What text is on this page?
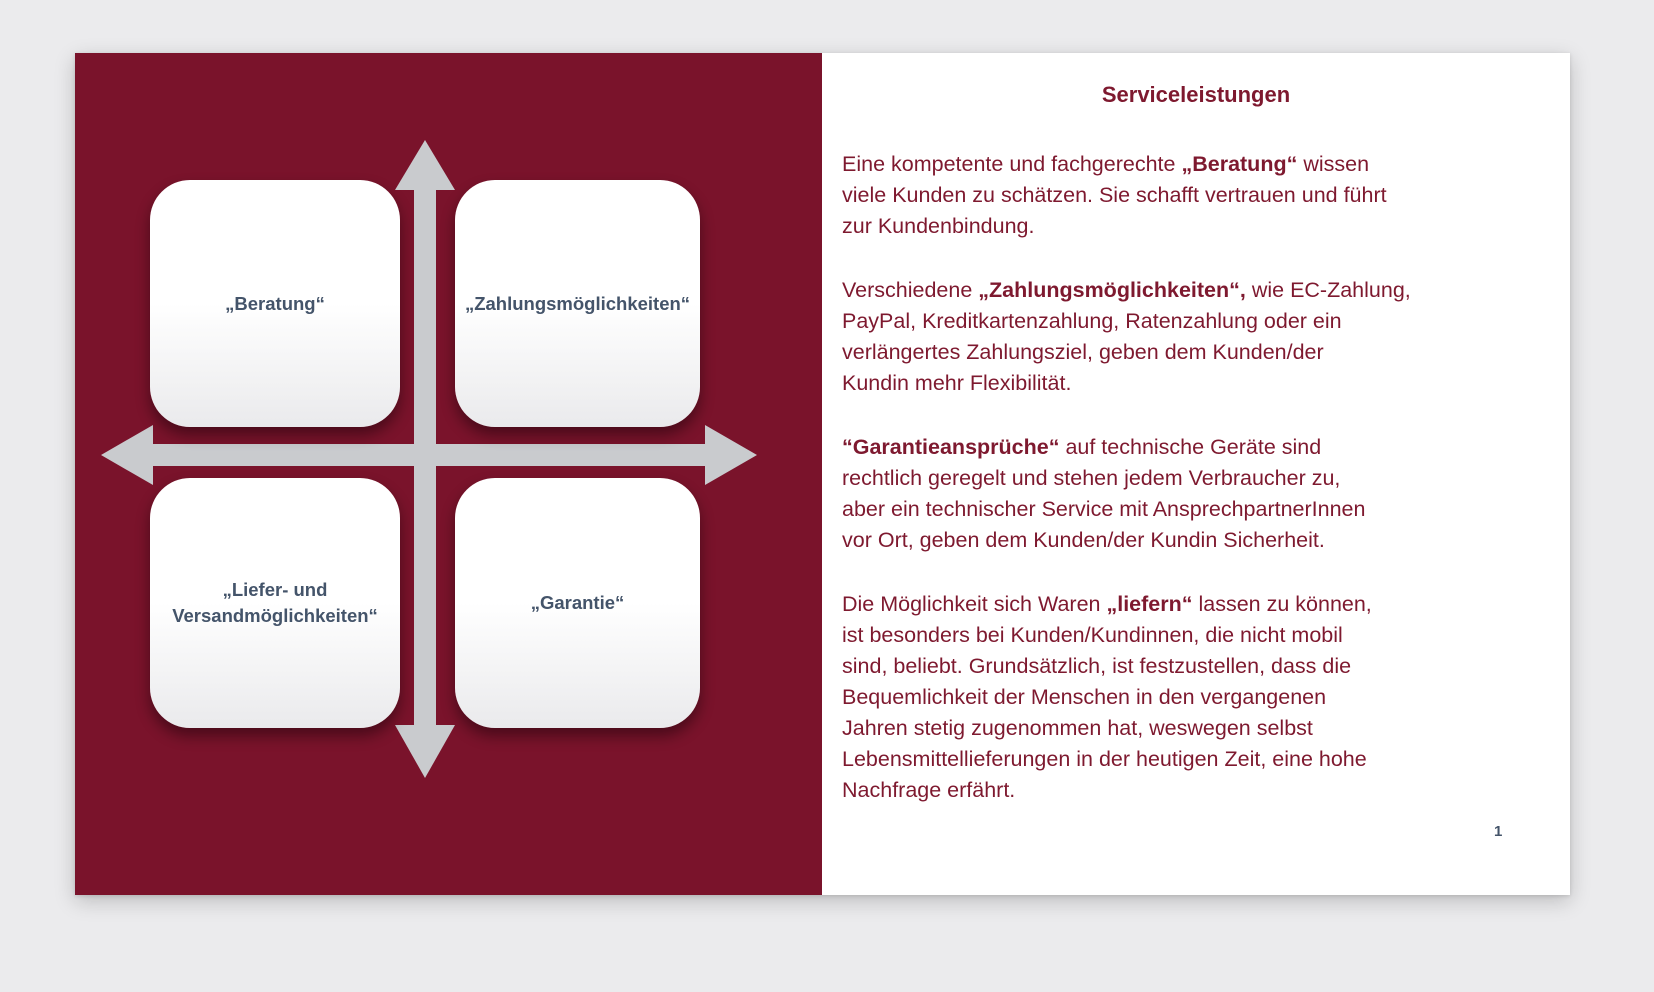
„Beratung“	„Zahlungsmöglichkeiten“
„Liefer- und Versandmöglichkeiten“
„Garantie“
Serviceleistungen

Eine kompetente und fachgerechte „Beratung“ wissen
viele Kunden zu schätzen. Sie schafft vertrauen und führt
zur Kundenbindung.

Verschiedene „Zahlungsmöglichkeiten“, wie EC-Zahlung,
PayPal, Kreditkartenzahlung, Ratenzahlung oder ein
verlängertes Zahlungsziel, geben dem Kunden/der
Kundin mehr Flexibilität.

“Garantieansprüche“ auf technische Geräte sind
rechtlich geregelt und stehen jedem Verbraucher zu,
aber ein technischer Service mit AnsprechpartnerInnen
vor Ort, geben dem Kunden/der Kundin Sicherheit.

Die Möglichkeit sich Waren „liefern“ lassen zu können,
ist besonders bei Kunden/Kundinnen, die nicht mobil
sind, beliebt. Grundsätzlich, ist festzustellen, dass die
Bequemlichkeit der Menschen in den vergangenen
Jahren stetig zugenommen hat, weswegen selbst
Lebensmittellieferungen in der heutigen Zeit, eine hohe
Nachfrage erfährt.

1
